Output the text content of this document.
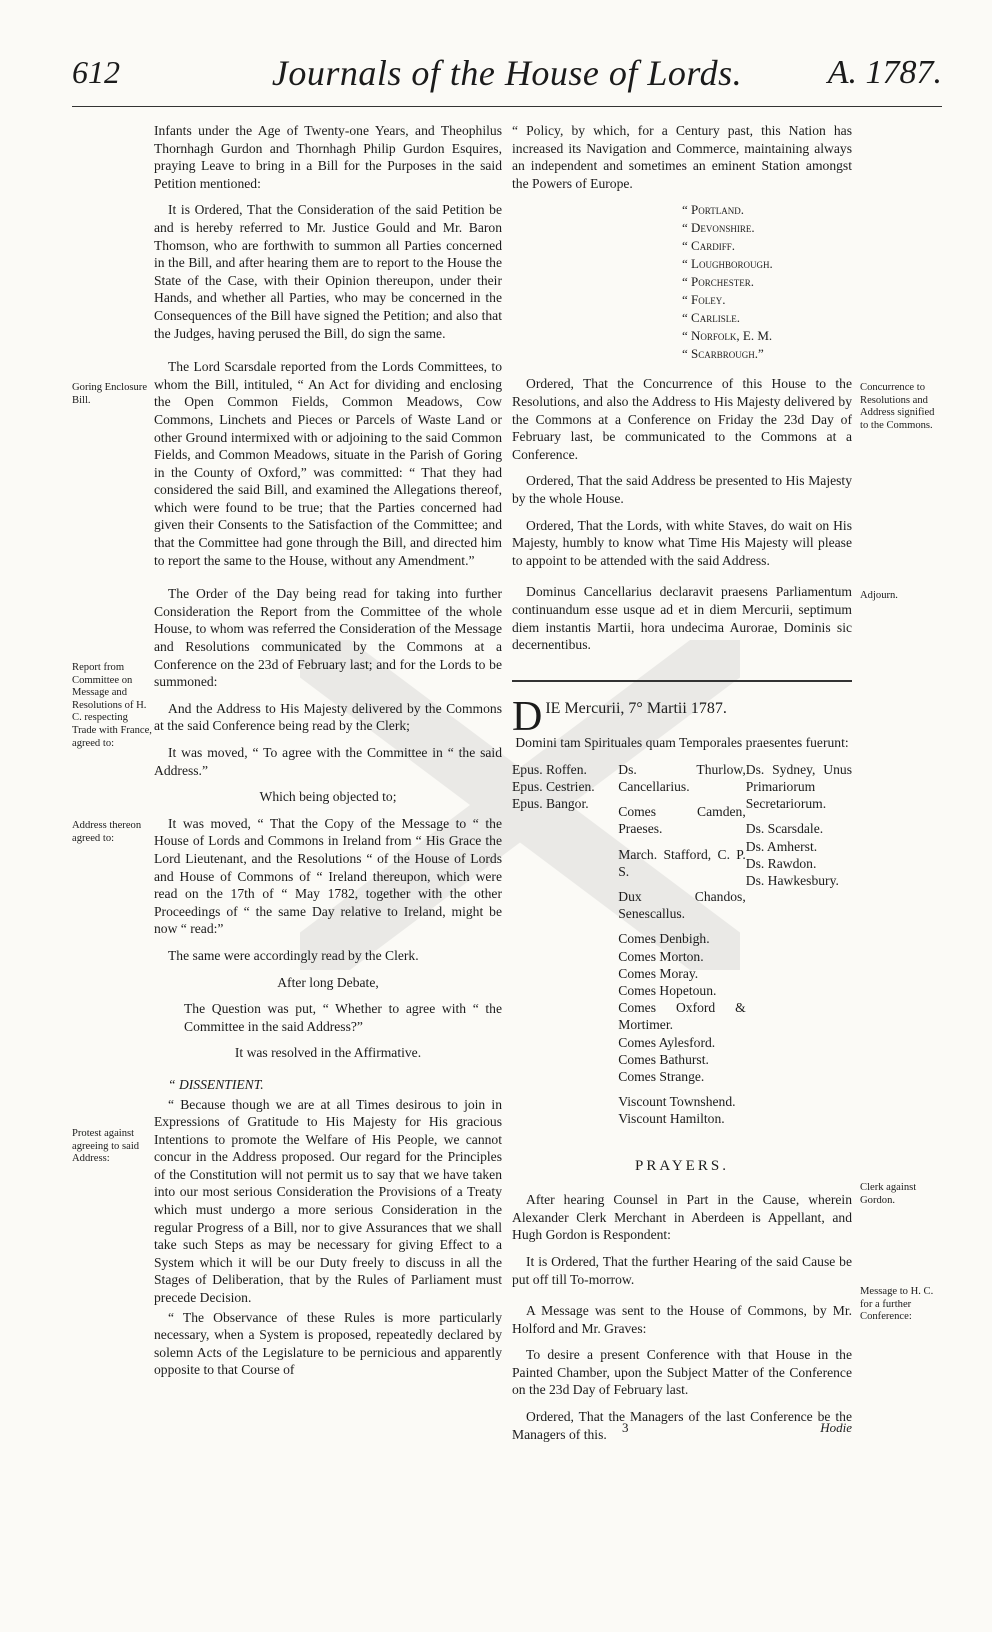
612	Journals of the House of Lords.	A. 1787.

Infants under the Age of Twenty-one Years, and Theophilus Thornhagh Gurdon and Thornhagh Philip Gurdon Esquires, praying Leave to bring in a Bill for the Purposes in the said Petition mentioned:

It is Ordered, That the Consideration of the said Petition be and is hereby referred to Mr. Justice Gould and Mr. Baron Thomson, who are forthwith to summon all Parties concerned in the Bill, and after hearing them are to report to the House the State of the Case, with their Opinion thereupon, under their Hands, and whether all Parties, who may be concerned in the Consequences of the Bill have signed the Petition; and also that the Judges, having perused the Bill, do sign the same.

The Lord Scarsdale reported from the Lords Committees, to whom the Bill, intituled, “ An Act for dividing and enclosing the Open Common Fields, Common Meadows, Cow Commons, Linchets and Pieces or Parcels of Waste Land or other Ground intermixed with or adjoining to the said Common Fields, and Common Meadows, situate in the Parish of Goring in the County of Oxford,” was committed: “ That they had considered the said Bill, and examined the Allegations thereof, which were found to be true; that the Parties concerned had given their Consents to the Satisfaction of the Committee; and that the Committee had gone through the Bill, and directed him to report the same to the House, without any Amendment.”

The Order of the Day being read for taking into further Consideration the Report from the Committee of the whole House, to whom was referred the Consideration of the Message and Resolutions communicated by the Commons at a Conference on the 23d of February last; and for the Lords to be summoned:

And the Address to His Majesty delivered by the Commons at the said Conference being read by the Clerk;

It was moved, “ To agree with the Committee in “ the said Address.”

Which being objected to;

It was moved, “ That the Copy of the Message to “ the House of Lords and Commons in Ireland from “ His Grace the Lord Lieutenant, and the Resolutions “ of the House of Lords and House of Commons of “ Ireland thereupon, which were read on the 17th of “ May 1782, together with the other Proceedings of “ the same Day relative to Ireland, might be now “ read:”

The same were accordingly read by the Clerk.

After long Debate,

The Question was put, “ Whether to agree with “ the Committee in the said Address?”

It was resolved in the Affirmative.

“ DISSENTIENT.

“ Because though we are at all Times desirous to join in Expressions of Gratitude to His Majesty for His gracious Intentions to promote the Welfare of His People, we cannot concur in the Address proposed. Our regard for the Principles of the Constitution will not permit us to say that we have taken into our most serious Consideration the Provisions of a Treaty which must undergo a more serious Consideration in the regular Progress of a Bill, nor to give Assurances that we shall take such Steps as may be necessary for giving Effect to a System which it will be our Duty freely to discuss in all the Stages of Deliberation, that by the Rules of Parliament must precede Decision.

“ The Observance of these Rules is more particularly necessary, when a System is proposed, repeatedly declared by solemn Acts of the Legislature to be pernicious and apparently opposite to that Course of

Goring Enclosure Bill.
Report from Committee on Message and Resolutions of H. C. respecting Trade with France, agreed to:
Address thereon agreed to:
Protest against agreeing to said Address:

“ Policy, by which, for a Century past, this Nation has increased its Navigation and Commerce, maintaining always an independent and sometimes an eminent Station amongst the Powers of Europe.

“ Portland.
“ Devonshire.
“ Cardiff.
“ Loughborough.
“ Porchester.
“ Foley.
“ Carlisle.
“ Norfolk, E. M.
“ Scarbrough.”

Ordered, That the Concurrence of this House to the Resolutions, and also the Address to His Majesty delivered by the Commons at a Conference on Friday the 23d Day of February last, be communicated to the Commons at a Conference.

Ordered, That the said Address be presented to His Majesty by the whole House.

Ordered, That the Lords, with white Staves, do wait on His Majesty, humbly to know what Time His Majesty will please to appoint to be attended with the said Address.

Dominus Cancellarius declaravit praesens Parliamentum continuandum esse usque ad et in diem Mercurii, septimum diem instantis Martii, hora undecima Aurorae, Dominis sic decernentibus.

DIE Mercurii, 7° Martii 1787.
Domini tam Spirituales quam Temporales praesentes fuerunt:
Epus. Roffen.
Epus. Cestrien.
Epus. Bangor.
Ds. Thurlow, Cancellarius.
Comes Camden, Praeses.
March. Stafford, C. P. S.
Dux Chandos, Senescallus.
Comes Denbigh.
Comes Morton.
Comes Moray.
Comes Hopetoun.
Comes Oxford & Mortimer.
Comes Aylesford.
Comes Bathurst.
Comes Strange.
Viscount Townshend.
Viscount Hamilton.
Ds. Sydney, Unus Primariorum Secretariorum.
Ds. Scarsdale.
Ds. Amherst.
Ds. Rawdon.
Ds. Hawkesbury.
PRAYERS.

After hearing Counsel in Part in the Cause, wherein Alexander Clerk Merchant in Aberdeen is Appellant, and Hugh Gordon is Respondent:

It is Ordered, That the further Hearing of the said Cause be put off till To-morrow.

A Message was sent to the House of Commons, by Mr. Holford and Mr. Graves:

To desire a present Conference with that House in the Painted Chamber, upon the Subject Matter of the Conference on the 23d Day of February last.

Ordered, That the Managers of the last Conference be the Managers of this.

Concurrence to Resolutions and Address signified to the Commons.
Adjourn.
Clerk against Gordon.
Message to H. C. for a further Conference:
3	Hodie
